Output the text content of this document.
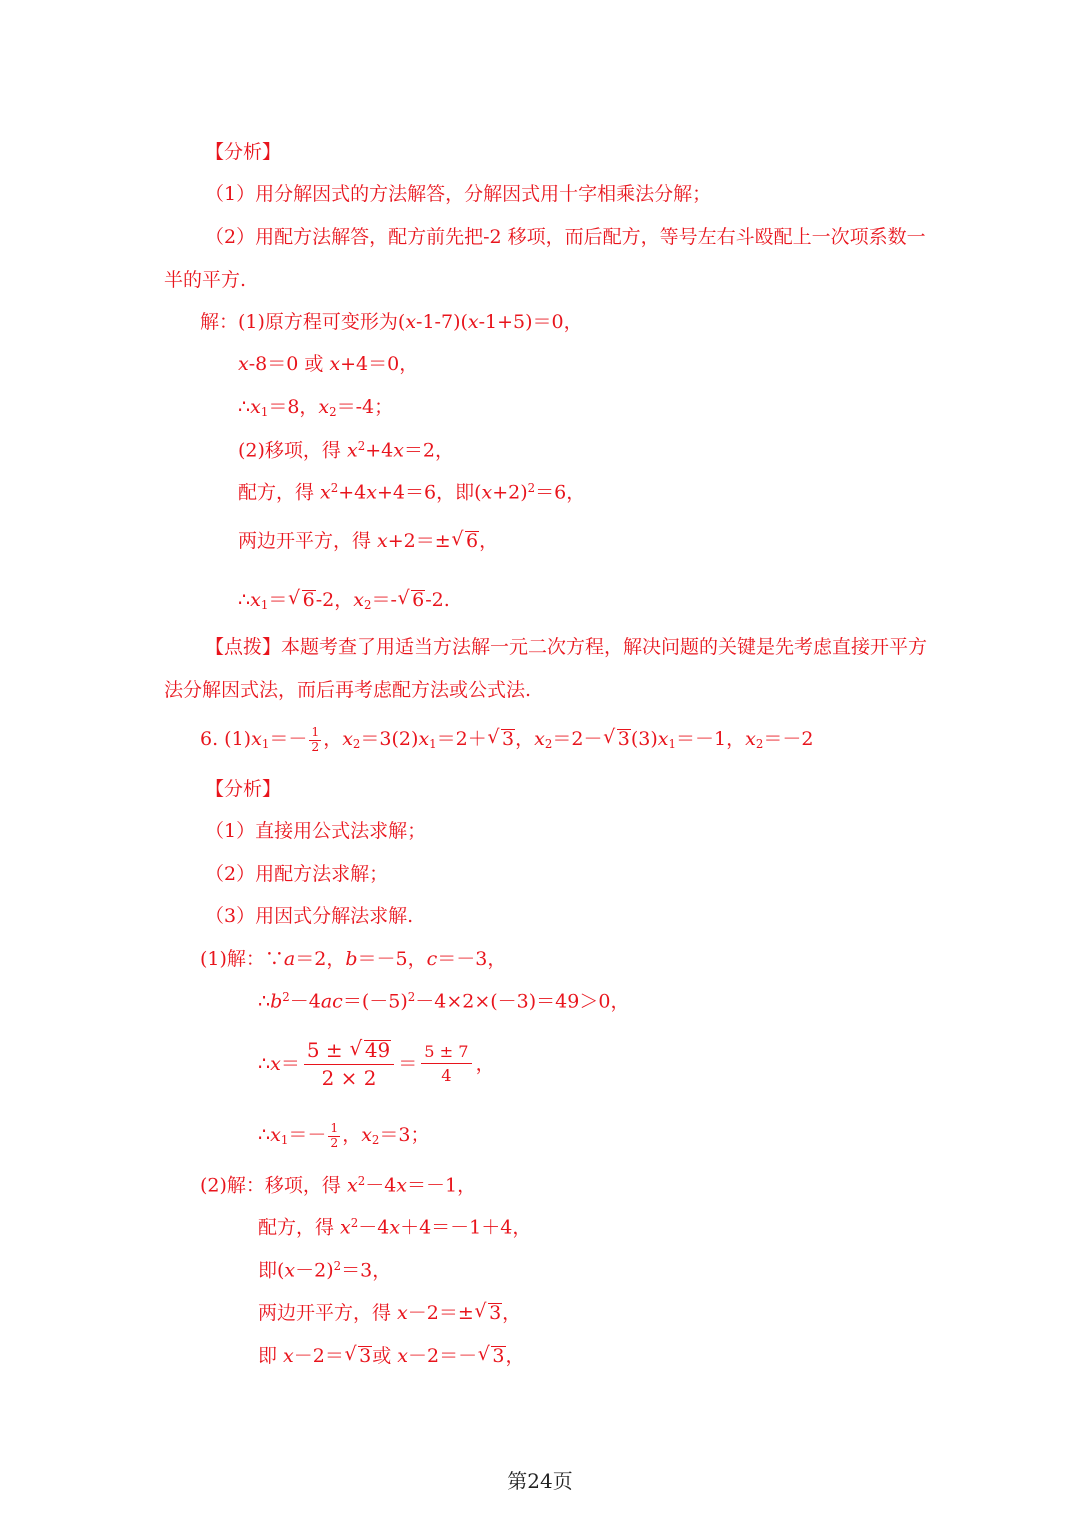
【分析】
（1）用分解因式的方法解答，分解因式用十字相乘法分解；
（2）用配方法解答，配方前先把-2 移项，而后配方，等号左右斗殴配上一次项系数一
半的平方.
解：(1)原方程可变形为(x-1-7)(x-1+5)＝0，
x-8＝0 或 x+4＝0，
$\therefore x_1=8$，$x_2=-4$；
(2)移项，得 $x^2+4x=2$，
配方，得 $x^2+4x+4=6$，即$(x+2)^2=6$，
两边开平方，得 x+2＝±√ 6，
$\therefore x_1=√$ 6-2，$x_2=-√$ 6-2.
【点拨】本题考查了用适当方法解一元二次方程，解决问题的关键是先考虑直接开平方
法分解因式法，而后再考虑配方法或公式法.
6. $(1)x_1=- \frac{1}{2}$ ，$x_2=3(2)x_1=2+√$ 3，$x_2=2-√$ $3(3)x_1=-1$，$x_2=-2$
【分析】
（1）直接用公式法求解；
（2）用配方法求解；
（3）用因式分解法求解.
(1)解：∵a＝2，b＝－5，c＝－3，
$\therefore b^2-4ac=(-5)^2-4\times 2\times(-3)=49>0$，
∴x＝ $\frac{5 \pm √ 49}{2 \times 2} = \frac{5 \pm 7}{4}$ ，
$\therefore x_1=- \frac{1}{2}$ ，$x_2=3$；
(2)解：移项，得 $x^2-4x=-1$，
配方，得 $x^2-4x+4=-1+4$，
即$(x-2)^2=3$，
两边开平方，得 x－2＝±√ 3，
即 x－2＝√ 3或 x－2＝－√ 3，
第24页
